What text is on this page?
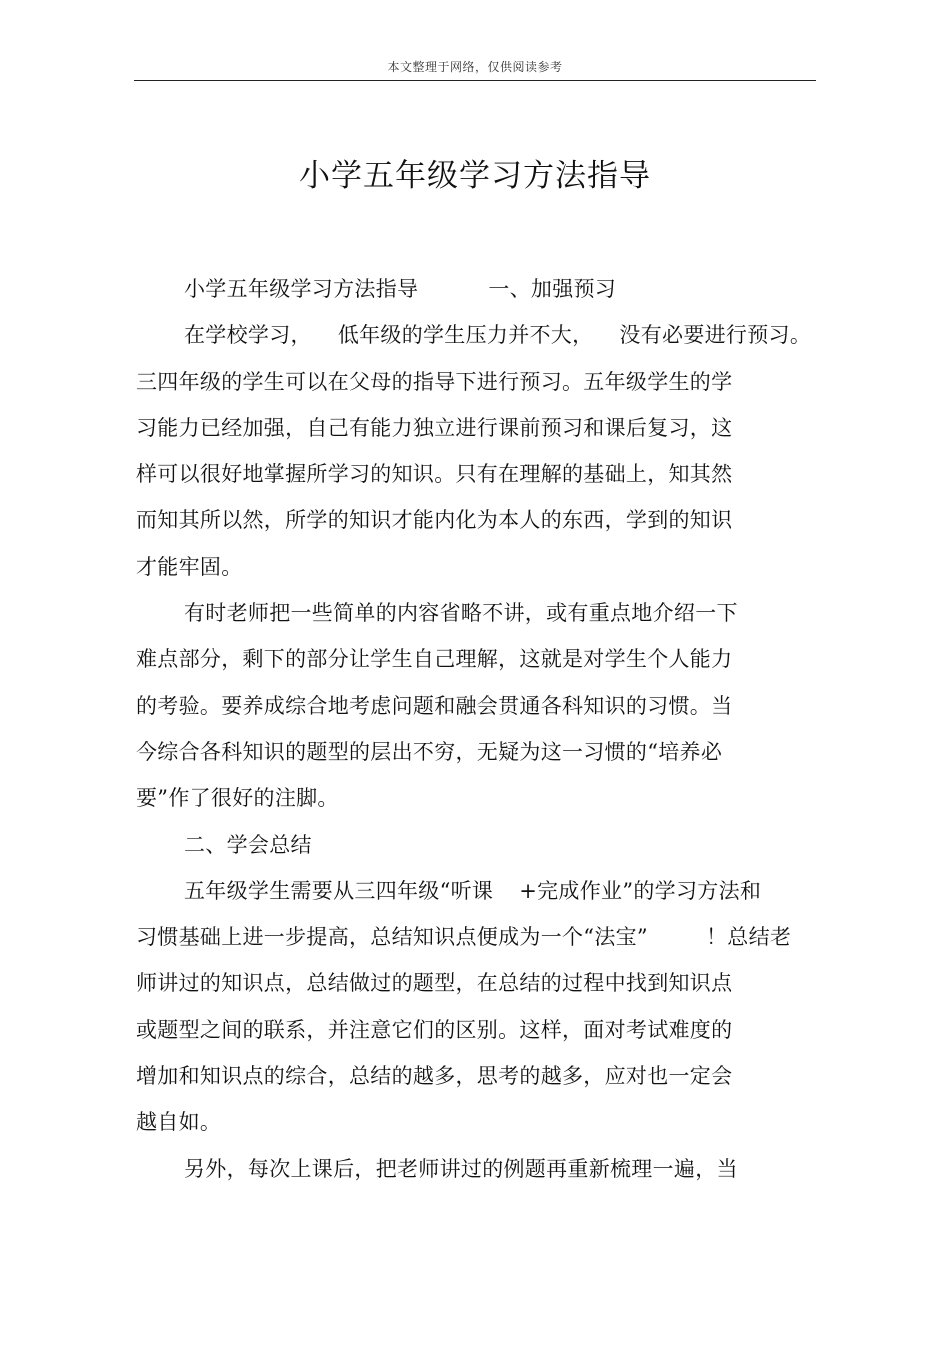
本文整理于网络，仅供阅读参考
小学五年级学习方法指导
小学五年级学习方法指导	一、加强预习
在学校学习， 低年级的学生压力并不大， 没有必要进行预习。
三四年级的学生可以在父母的指导下进行预习。五年级学生的学
习能力已经加强，自己有能力独立进行课前预习和课后复习，这
样可以很好地掌握所学习的知识。只有在理解的基础上，知其然
而知其所以然，所学的知识才能内化为本人的东西，学到的知识
才能牢固。
有时老师把一些简单的内容省略不讲，或有重点地介绍一下
难点部分，剩下的部分让学生自己理解，这就是对学生个人能力
的考验。要养成综合地考虑问题和融会贯通各科知识的习惯。当
今综合各科知识的题型的层出不穷，无疑为这一习惯的“培养必
要”作了很好的注脚。
二、学会总结
五年级学生需要从三四年级“听课 +完成作业”的学习方法和
习惯基础上进一步提高，总结知识点便成为一个“法宝”	！总结老
师讲过的知识点，总结做过的题型，在总结的过程中找到知识点
或题型之间的联系，并注意它们的区别。这样，面对考试难度的
增加和知识点的综合，总结的越多，思考的越多，应对也一定会
越自如。
另外，每次上课后，把老师讲过的例题再重新梳理一遍，当
